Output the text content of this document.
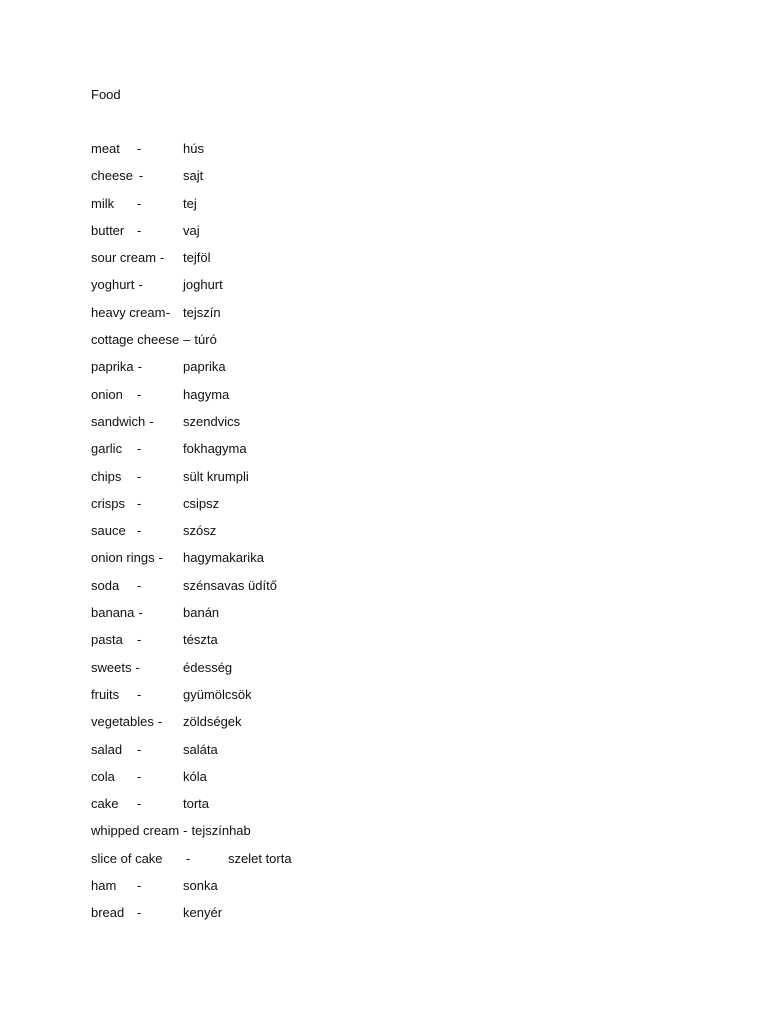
Food
meat -	hús
cheese -	sajt
milk -	tej
butter -	vaj
sour cream - tejföl
yoghurt -	joghurt
heavy cream - tejszín
cottage cheese – túró
paprika -	paprika
onion -	hagyma
sandwich - szendvics
garlic -	fokhagyma
chips -	sült krumpli
crisps -	csipsz
sauce -	szósz
onion rings - hagymakarika
soda -	szénsavas üdítő
banana -	banán
pasta -	tészta
sweets -	édesség
fruits -	gyümölcsök
vegetables - zöldségek
salad -	saláta
cola -	kóla
cake -	torta
whipped cream - tejszínhab
slice of cake -	szelet torta
ham -	sonka
bread -	kenyér
